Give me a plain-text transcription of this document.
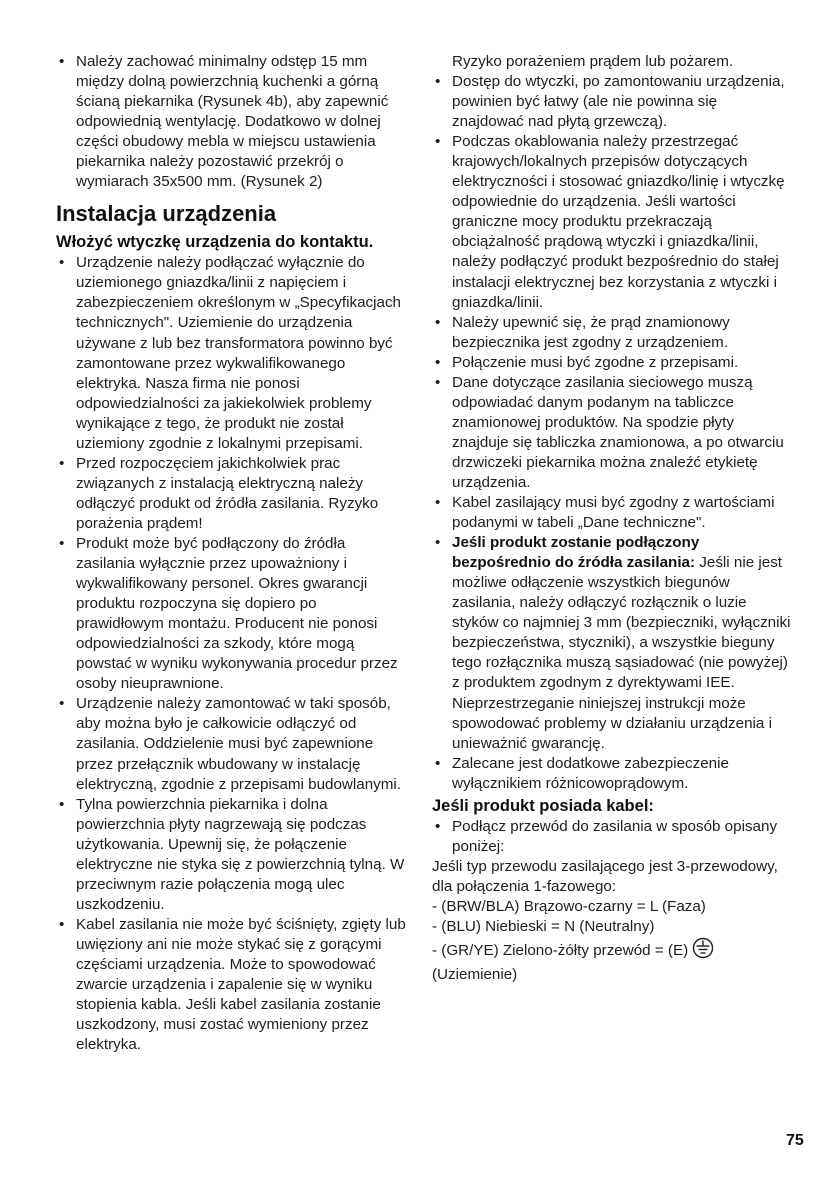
• Należy zachować minimalny odstęp 15 mm między dolną powierzchnią kuchenki a górną ścianą piekarnika (Rysunek 4b), aby zapewnić odpowiednią wentylację. Dodatkowo w dolnej części obudowy mebla w miejscu ustawienia piekarnika należy pozostawić przekrój o wymiarach 35x500 mm. (Rysunek 2)

Instalacja urządzenia
Włożyć wtyczkę urządzenia do kontaktu.

• Urządzenie należy podłączać wyłącznie do uziemionego gniazdka/linii z napięciem i zabezpieczeniem określonym w „Specyfikacjach technicznych". Uziemienie do urządzenia używane z lub bez transformatora powinno być zamontowane przez wykwalifikowanego elektryka. Nasza firma nie ponosi odpowiedzialności za jakiekolwiek problemy wynikające z tego, że produkt nie został uziemiony zgodnie z lokalnymi przepisami.

• Przed rozpoczęciem jakichkolwiek prac związanych z instalacją elektryczną należy odłączyć produkt od źródła zasilania. Ryzyko porażenia prądem!

• Produkt może być podłączony do źródła zasilania wyłącznie przez upoważniony i wykwalifikowany personel. Okres gwarancji produktu rozpoczyna się dopiero po prawidłowym montażu. Producent nie ponosi odpowiedzialności za szkody, które mogą powstać w wyniku wykonywania procedur przez osoby nieuprawnione.

• Urządzenie należy zamontować w taki sposób, aby można było je całkowicie odłączyć od zasilania. Oddzielenie musi być zapewnione przez przełącznik wbudowany w instalację elektryczną, zgodnie z przepisami budowlanymi.

• Tylna powierzchnia piekarnika i dolna powierzchnia płyty nagrzewają się podczas użytkowania. Upewnij się, że połączenie elektryczne nie styka się z powierzchnią tylną. W przeciwnym razie połączenia mogą ulec uszkodzeniu.

• Kabel zasilania nie może być ściśnięty, zgięty lub uwięziony ani nie może stykać się z gorącymi częściami urządzenia. Może to spowodować zwarcie urządzenia i zapalenie się w wyniku stopienia kabla. Jeśli kabel zasilania zostanie uszkodzony, musi zostać wymieniony przez elektryka.

Ryzyko porażeniem prądem lub pożarem.

• Dostęp do wtyczki, po zamontowaniu urządzenia, powinien być łatwy (ale nie powinna się znajdować nad płytą grzewczą).

• Podczas okablowania należy przestrzegać krajowych/lokalnych przepisów dotyczących elektryczności i stosować gniazdko/linię i wtyczkę odpowiednie do urządzenia. Jeśli wartości graniczne mocy produktu przekraczają obciążalność prądową wtyczki i gniazdka/linii, należy podłączyć produkt bezpośrednio do stałej instalacji elektrycznej bez korzystania z wtyczki i gniazdka/linii.

• Należy upewnić się, że prąd znamionowy bezpiecznika jest zgodny z urządzeniem.

• Połączenie musi być zgodne z przepisami.

• Dane dotyczące zasilania sieciowego muszą odpowiadać danym podanym na tabliczce znamionowej produktów. Na spodzie płyty znajduje się tabliczka znamionowa, a po otwarciu drzwiczeki piekarnika można znaleźć etykietę urządzenia.

• Kabel zasilający musi być zgodny z wartościami podanymi w tabeli „Dane techniczne".

• Jeśli produkt zostanie podłączony bezpośrednio do źródła zasilania: Jeśli nie jest możliwe odłączenie wszystkich biegunów zasilania, należy odłączyć rozłącznik o luzie styków co najmniej 3 mm (bezpieczniki, wyłączniki bezpieczeństwa, styczniki), a wszystkie bieguny tego rozłącznika muszą sąsiadować (nie powyżej) z produktem zgodnym z dyrektywami IEE. Nieprzestrzeganie niniejszej instrukcji może spowodować problemy w działaniu urządzenia i unieważnić gwarancję.

• Zalecane jest dodatkowe zabezpieczenie wyłącznikiem różnicowoprądowym.

Jeśli produkt posiada kabel:

• Podłącz przewód do zasilania w sposób opisany poniżej:

Jeśli typ przewodu zasilającego jest 3-przewodowy, dla połączenia 1-fazowego:

- (BRW/BLA) Brązowo-czarny = L (Faza)

- (BLU) Niebieski = N (Neutralny)

- (GR/YE) Zielono-żółty przewód = (E)

(Uziemienie)

75
